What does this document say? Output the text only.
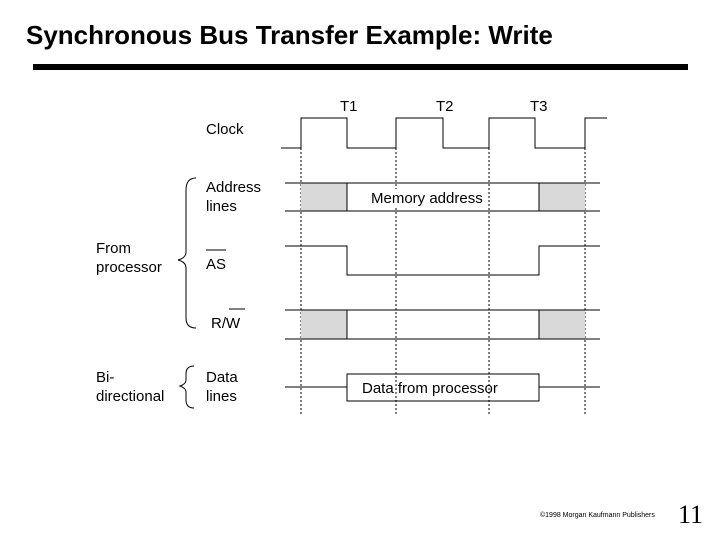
Synchronous Bus Transfer Example: Write
T1	T2	T3
Clock
Address
lines
AS
R/W
Data
lines
From
processor
Bi-
directional
Memory address
Data from processor
©1998 Morgan Kaufmann Publishers 11
